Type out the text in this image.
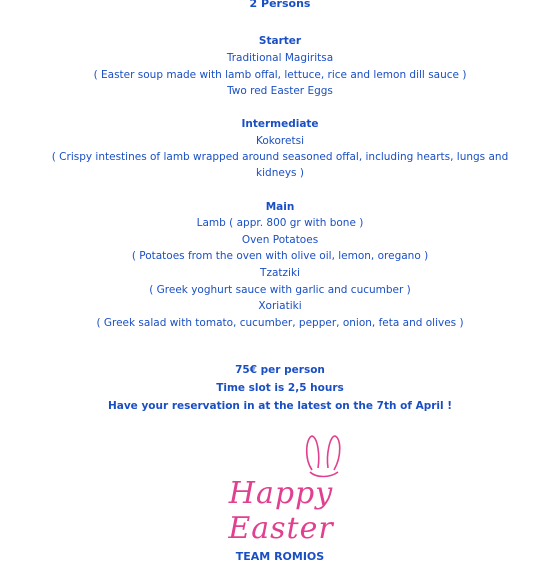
2 Persons
Starter
Traditional Magiritsa
( Easter soup made with lamb offal, lettuce, rice and lemon dill sauce )
Two red Easter Eggs
Intermediate
Kokoretsi
( Crispy intestines of lamb wrapped around seasoned offal, including hearts, lungs and
kidneys )
Main
Lamb ( appr. 800 gr with bone )
Oven Potatoes
( Potatoes from the oven with olive oil, lemon, oregano )
Tzatziki
( Greek yoghurt sauce with garlic and cucumber )
Xoriatiki
( Greek salad with tomato, cucumber, pepper, onion, feta and olives )
75€ per person
Time slot is 2,5 hours
Have your reservation in at the latest on the 7th of April !
Happy Easter
TEAM ROMIOS
